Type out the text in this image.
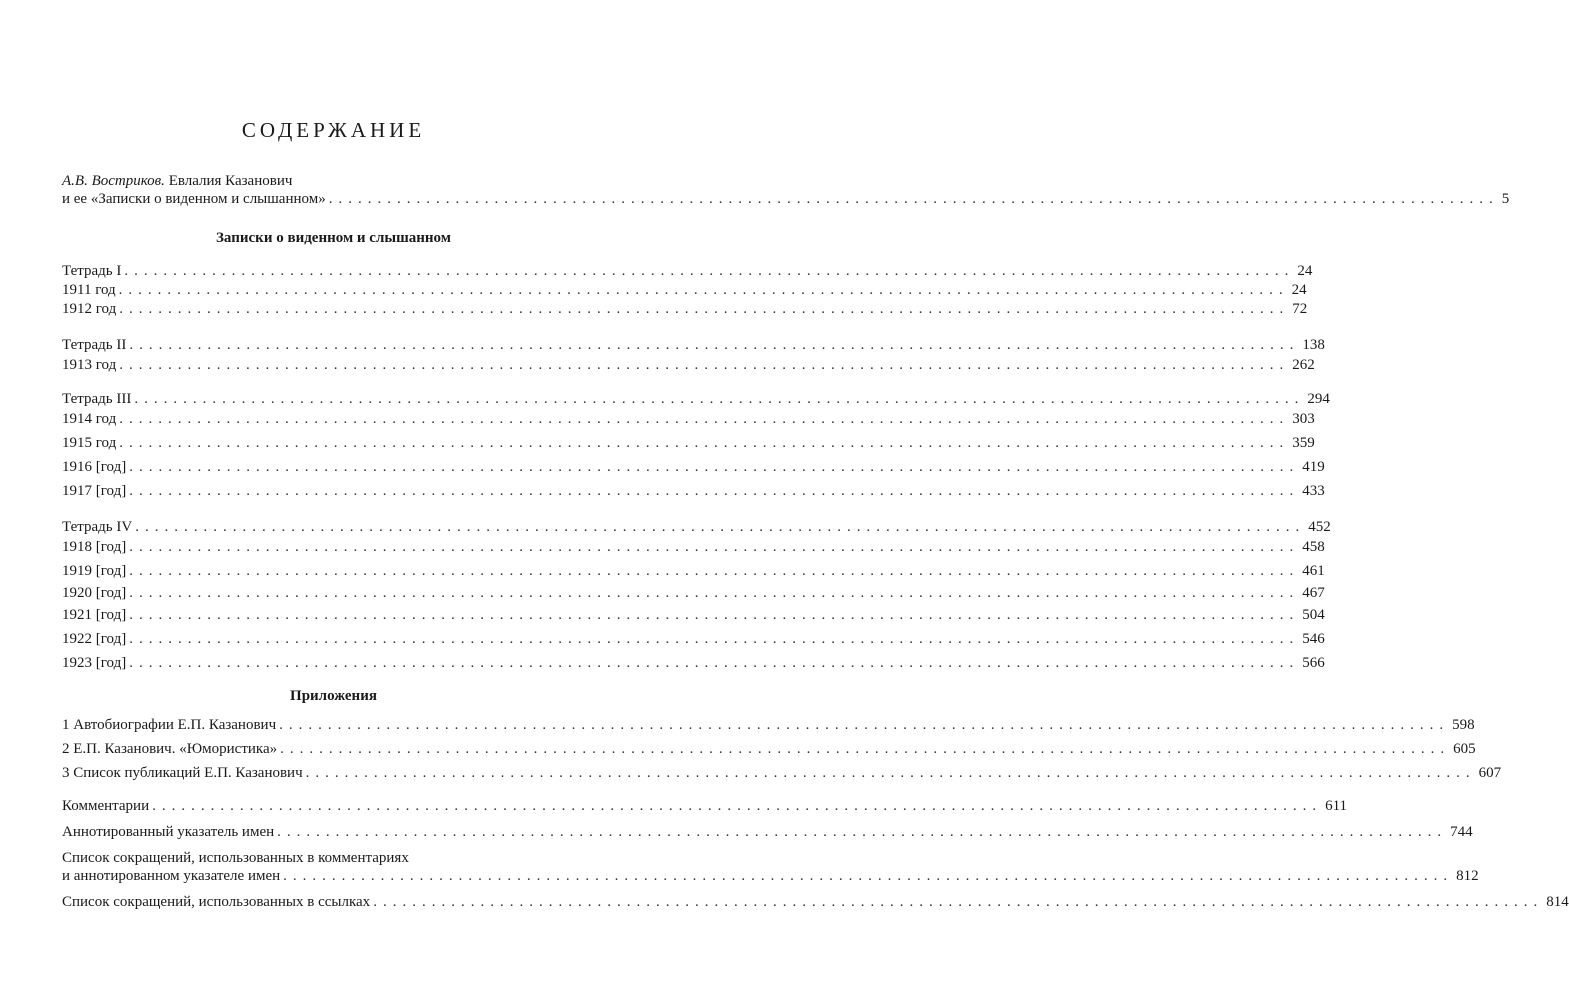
СОДЕРЖАНИЕ
А.В. Востриков. Евлалия Казанович
и ее «Записки о виденном и слышанном» ........................................................................................................................ 5
Записки о виденном и слышанном
Тетрадь I ........................................................................................................................ 24
1911 год ........................................................................................................................ 24
1912 год ........................................................................................................................ 72
Тетрадь II ........................................................................................................................ 138
1913 год ........................................................................................................................ 262
Тетрадь III ........................................................................................................................ 294
1914 год ........................................................................................................................ 303
1915 год ........................................................................................................................ 359
1916 [год] ........................................................................................................................ 419
1917 [год] ........................................................................................................................ 433
Тетрадь IV ........................................................................................................................ 452
1918 [год] ........................................................................................................................ 458
1919 [год] ........................................................................................................................ 461
1920 [год] ........................................................................................................................ 467
1921 [год] ........................................................................................................................ 504
1922 [год] ........................................................................................................................ 546
1923 [год] ........................................................................................................................ 566
Приложения
1 Автобиографии Е.П. Казанович ........................................................................................................................ 598
2 Е.П. Казанович. «Юмористика» ........................................................................................................................ 605
3 Список публикаций Е.П. Казанович ........................................................................................................................ 607
Комментарии ........................................................................................................................ 611
Аннотированный указатель имен ........................................................................................................................ 744
Список сокращений, использованных в комментариях
и аннотированном указателе имен ........................................................................................................................ 812
Список сокращений, использованных в ссылках ........................................................................................................................ 814
